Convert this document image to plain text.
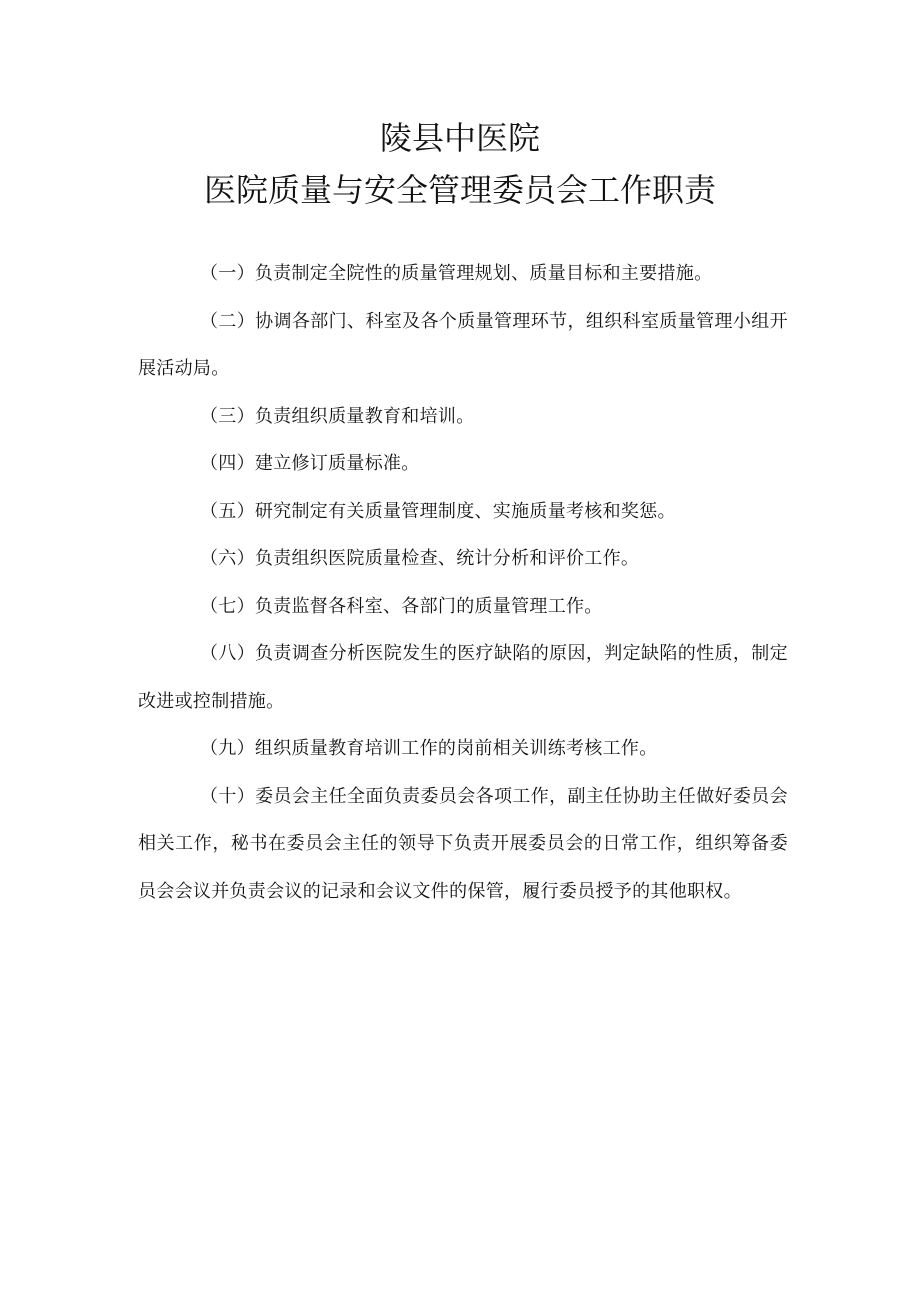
陵县中医院
医院质量与安全管理委员会工作职责

（一）负责制定全院性的质量管理规划、质量目标和主要措施。

（二）协调各部门、科室及各个质量管理环节，组织科室质量管理小组开展活动局。

（三）负责组织质量教育和培训。

（四）建立修订质量标准。

（五）研究制定有关质量管理制度、实施质量考核和奖惩。

（六）负责组织医院质量检查、统计分析和评价工作。

（七）负责监督各科室、各部门的质量管理工作。

（八）负责调查分析医院发生的医疗缺陷的原因，判定缺陷的性质，制定改进或控制措施。

（九）组织质量教育培训工作的岗前相关训练考核工作。

（十）委员会主任全面负责委员会各项工作，副主任协助主任做好委员会相关工作，秘书在委员会主任的领导下负责开展委员会的日常工作，组织筹备委员会会议并负责会议的记录和会议文件的保管，履行委员授予的其他职权。
